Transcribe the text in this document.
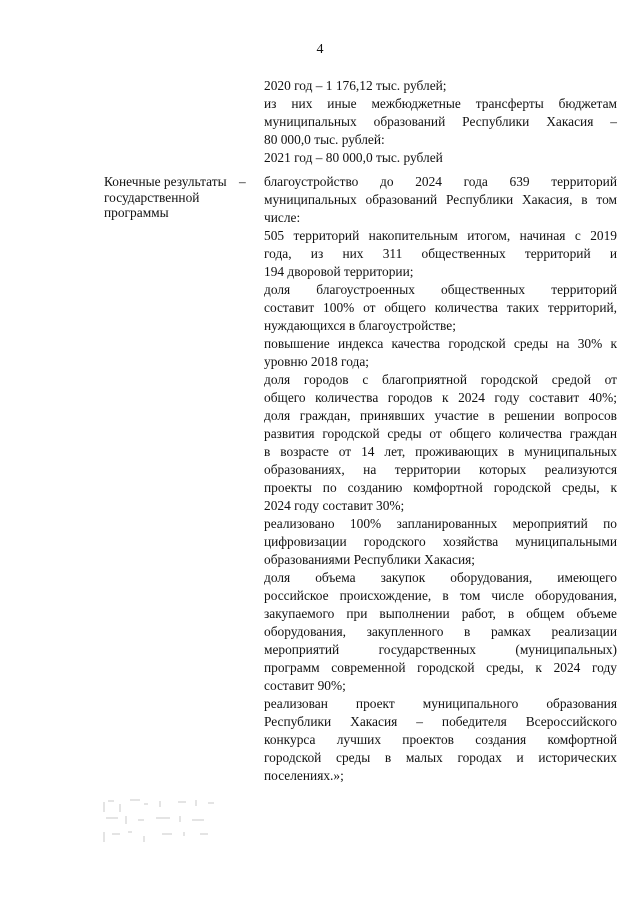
4
2020 год – 1 176,12 тыс. рублей;
из них иные межбюджетные трансферты бюджетам
муниципальных образований Республики Хакасия –
80 000,0 тыс. рублей:
2021 год – 80 000,0 тыс. рублей
Конечные результаты
государственной
программы
– благоустройство до 2024 года 639 территорий
муниципальных образований Республики Хакасия, в том
числе:
505 территорий накопительным итогом, начиная с 2019
года, из них 311 общественных территорий и
194 дворовой территории;
доля благоустроенных общественных территорий
составит 100% от общего количества таких территорий,
нуждающихся в благоустройстве;
повышение индекса качества городской среды на 30% к
уровню 2018 года;
доля городов с благоприятной городской средой от
общего количества городов к 2024 году составит 40%;
доля граждан, принявших участие в решении вопросов
развития городской среды от общего количества граждан
в возрасте от 14 лет, проживающих в муниципальных
образованиях, на территории которых реализуются
проекты по созданию комфортной городской среды, к
2024 году составит 30%;
реализовано 100% запланированных мероприятий по
цифровизации городского хозяйства муниципальными
образованиями Республики Хакасия;
доля объема закупок оборудования, имеющего
российское происхождение, в том числе оборудования,
закупаемого при выполнении работ, в общем объеме
оборудования, закупленного в рамках реализации
мероприятий государственных (муниципальных)
программ современной городской среды, к 2024 году
составит 90%;
реализован проект муниципального образования
Республики Хакасия – победителя Всероссийского
конкурса лучших проектов создания комфортной
городской среды в малых городах и исторических
поселениях.»;
